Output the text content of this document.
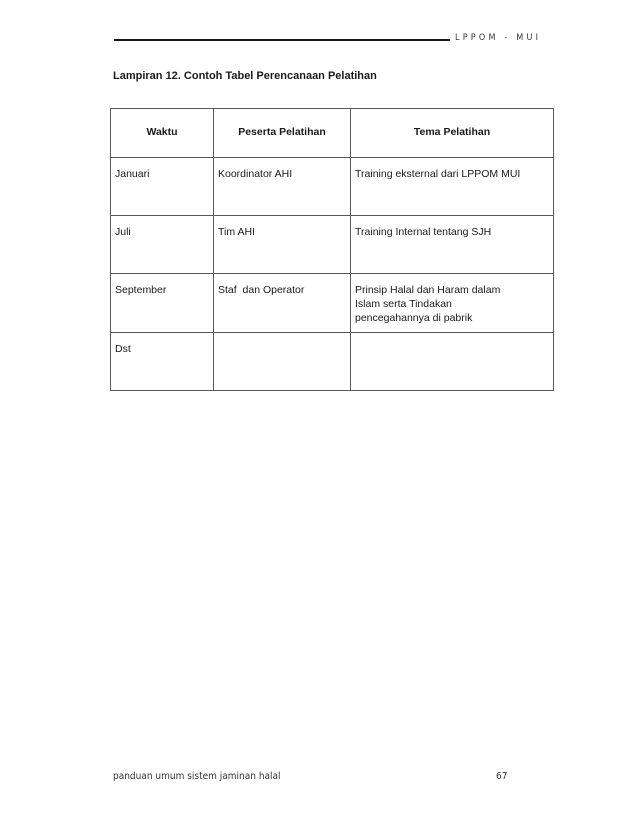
LPPOM - MUI
Lampiran 12. Contoh Tabel Perencanaan Pelatihan
Waktu	Peserta Pelatihan	Tema Pelatihan
Januari	Koordinator AHI	Training eksternal dari LPPOM MUI

Juli	Tim AHI	Training Internal tentang SJH

September	Staf  dan Operator	Prinsip Halal dan Haram dalam
Islam serta Tindakan
pencegahannya di pabrik

Dst		
panduan umum sistem jaminan halal	67
